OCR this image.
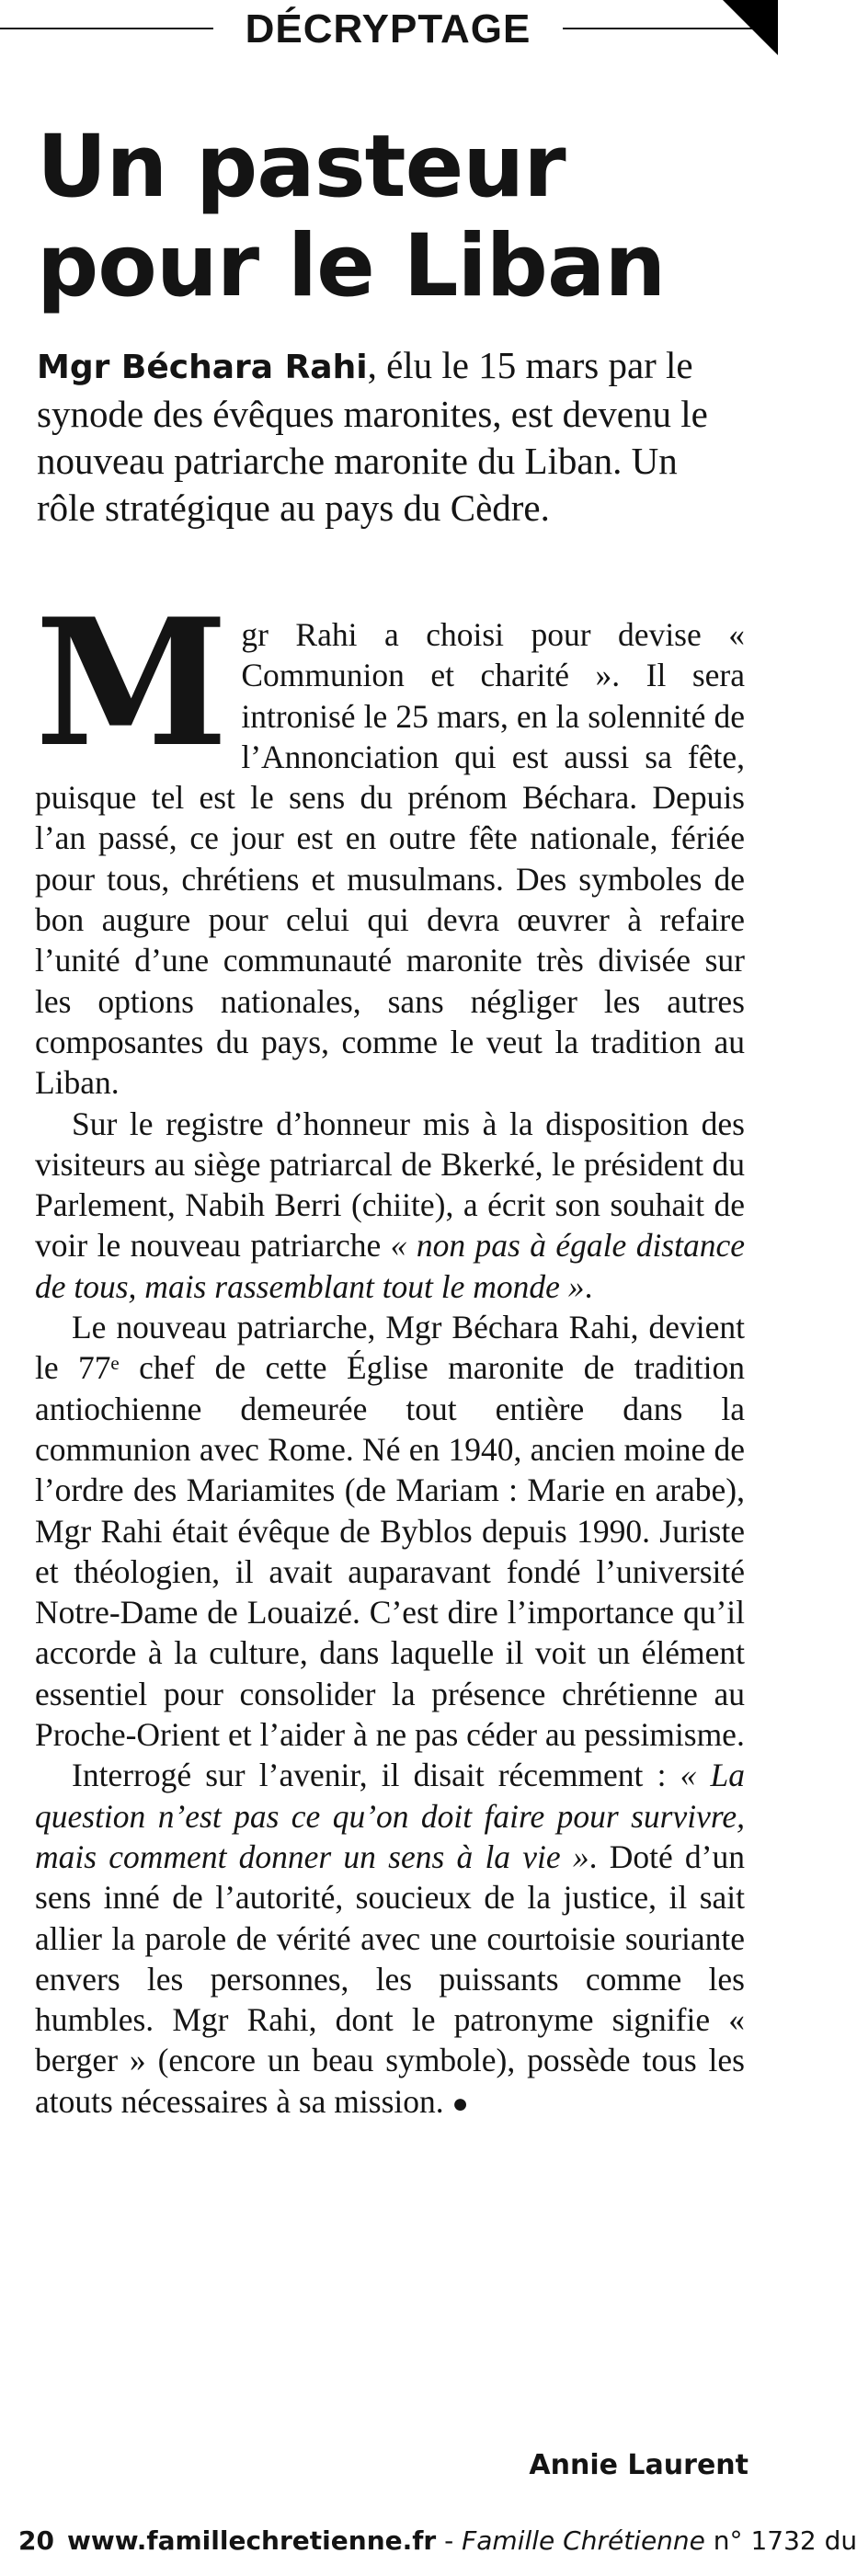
DÉCRYPTAGE
Un pasteur pour le Liban

Mgr Béchara Rahi, élu le 15 mars par le synode des évêques maronites, est devenu le nouveau patriarche maronite du Liban. Un rôle stratégique au pays du Cèdre.

Mgr Rahi a choisi pour devise « Communion et charité ». Il sera intronisé le 25 mars, en la solennité de l’Annonciation qui est aussi sa fête, puisque tel est le sens du prénom Béchara. Depuis l’an passé, ce jour est en outre fête nationale, fériée pour tous, chrétiens et musulmans. Des symboles de bon augure pour celui qui devra œuvrer à refaire l’unité d’une communauté maronite très divisée sur les options nationales, sans négliger les autres composantes du pays, comme le veut la tradition au Liban.

Sur le registre d’honneur mis à la disposition des visiteurs au siège patriarcal de Bkerké, le président du Parlement, Nabih Berri (chiite), a écrit son souhait de voir le nouveau patriarche « non pas à égale distance de tous, mais rassemblant tout le monde ».

Le nouveau patriarche, Mgr Béchara Rahi, devient le 77ᵉ chef de cette Église maronite de tradition antiochienne demeurée tout entière dans la communion avec Rome. Né en 1940, ancien moine de l’ordre des Mariamites (de Mariam : Marie en arabe), Mgr Rahi était évêque de Byblos depuis 1990. Juriste et théologien, il avait auparavant fondé l’université Notre-Dame de Louaizé. C’est dire l’importance qu’il accorde à la culture, dans laquelle il voit un élément essentiel pour consolider la présence chrétienne au Proche-Orient et l’aider à ne pas céder au pessimisme.

Interrogé sur l’avenir, il disait récemment : « La question n’est pas ce qu’on doit faire pour survivre, mais comment donner un sens à la vie ». Doté d’un sens inné de l’autorité, soucieux de la justice, il sait allier la parole de vérité avec une courtoisie souriante envers les personnes, les puissants comme les humbles. Mgr Rahi, dont le patronyme signifie « berger » (encore un beau symbole), possède tous les atouts nécessaires à sa mission. ●

Annie Laurent
20 www.famillechretienne.fr - Famille Chrétienne n° 1732 du
